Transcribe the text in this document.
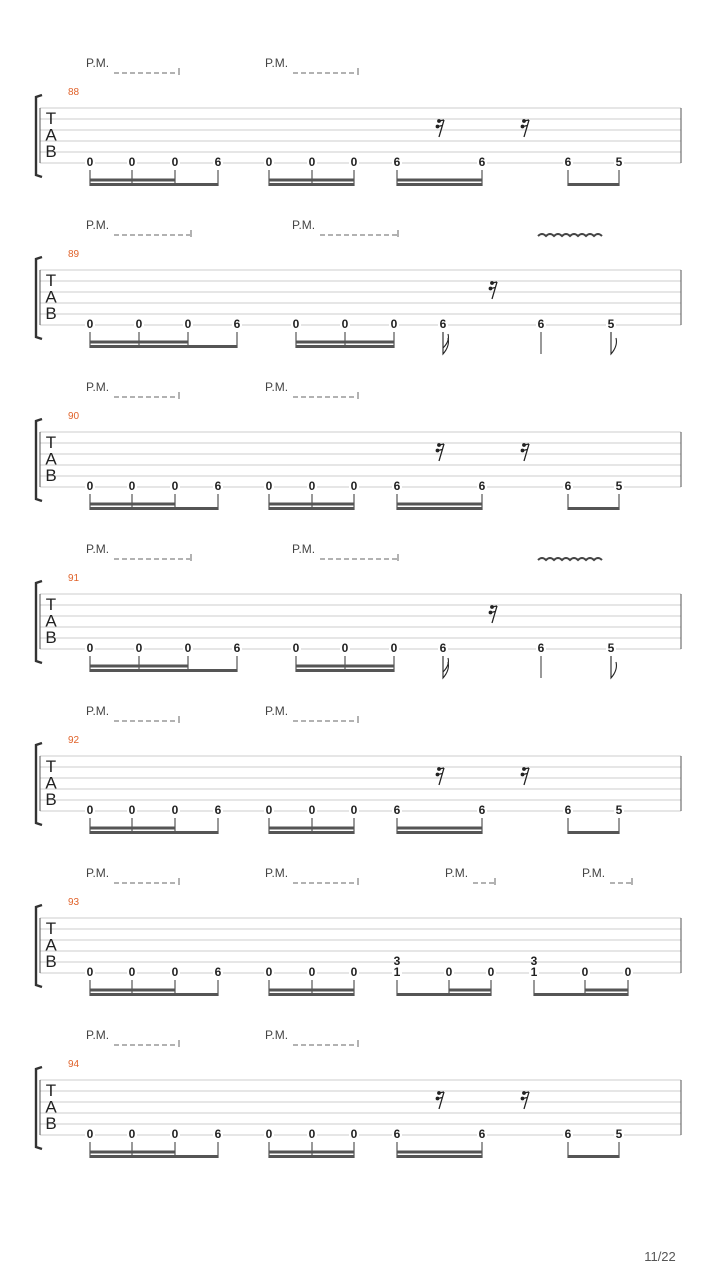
P.M.	P.M.
88
T
A
B
0	0	0	6	0	0	0	6	6	6	5
P.M.	P.M.
89
T
A
B
0	0	0	6	0	0	0	6	6	5
P.M.	P.M.
90
T
A
B
0	0	0	6	0	0	0	6	6	6	5
P.M.	P.M.
91
T
A
B
0	0	0	6	0	0	0	6	6	5
P.M.	P.M.
92
T
A
B
0	0	0	6	0	0	0	6	6	6	5
P.M.	P.M.	P.M.	P.M.
93
T
A
B
0	0	0	6	0	0	0	1
3
0	0	1
3
0	0
P.M.	P.M.
94
T
A
B
0	0	0	6	0	0	0	6	6	6	5
11/22
